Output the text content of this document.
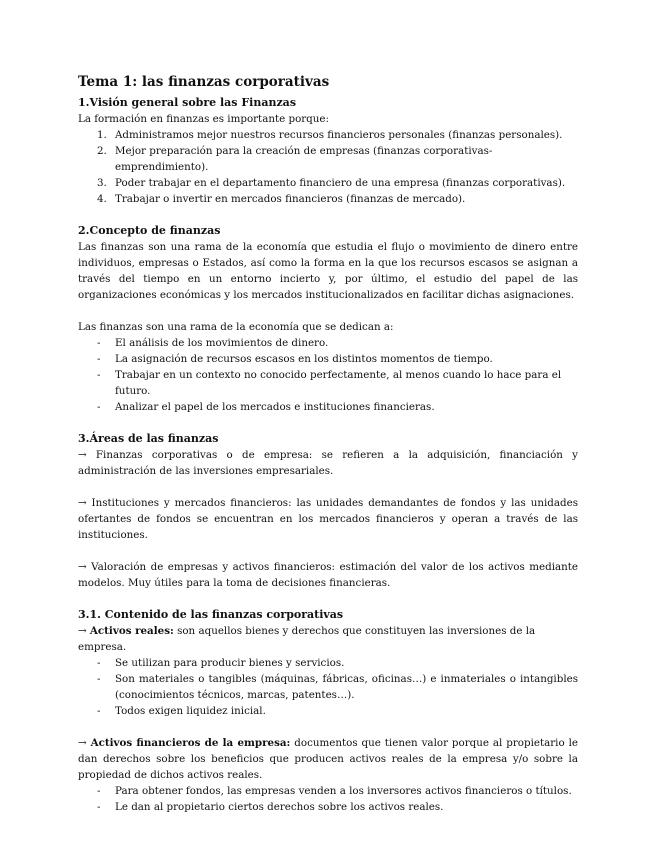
Tema 1: las finanzas corporativas
1.Visión general sobre las Finanzas

La formación en finanzas es importante porque:

1. Administramos mejor nuestros recursos financieros personales (finanzas personales).
2. Mejor preparación para la creación de empresas (finanzas corporativas- emprendimiento).
3. Poder trabajar en el departamento financiero de una empresa (finanzas corporativas).
4. Trabajar o invertir en mercados financieros (finanzas de mercado).
2.Concepto de finanzas

Las finanzas son una rama de la economía que estudia el flujo o movimiento de dinero entre individuos, empresas o Estados, así como la forma en la que los recursos escasos se asignan a través del tiempo en un entorno incierto y, por último, el estudio del papel de las organizaciones económicas y los mercados institucionalizados en facilitar dichas asignaciones.

Las finanzas son una rama de la economía que se dedican a:

- El análisis de los movimientos de dinero.
- La asignación de recursos escasos en los distintos momentos de tiempo.
- Trabajar en un contexto no conocido perfectamente, al menos cuando lo hace para el futuro.
- Analizar el papel de los mercados e instituciones financieras.
3.Áreas de las finanzas

→ Finanzas corporativas o de empresa: se refieren a la adquisición, financiación y administración de las inversiones empresariales.

→ Instituciones y mercados financieros: las unidades demandantes de fondos y las unidades ofertantes de fondos se encuentran en los mercados financieros y operan a través de las instituciones.

→ Valoración de empresas y activos financieros: estimación del valor de los activos mediante modelos. Muy útiles para la toma de decisiones financieras.

3.1. Contenido de las finanzas corporativas

→ Activos reales: son aquellos bienes y derechos que constituyen las inversiones de la empresa.

- Se utilizan para producir bienes y servicios.
- Son materiales o tangibles (máquinas, fábricas, oficinas…) e inmateriales o intangibles (conocimientos técnicos, marcas, patentes…).
- Todos exigen liquidez inicial.

→ Activos financieros de la empresa: documentos que tienen valor porque al propietario le dan derechos sobre los beneficios que producen activos reales de la empresa y/o sobre la propiedad de dichos activos reales.

- Para obtener fondos, las empresas venden a los inversores activos financieros o títulos.
- Le dan al propietario ciertos derechos sobre los activos reales.
